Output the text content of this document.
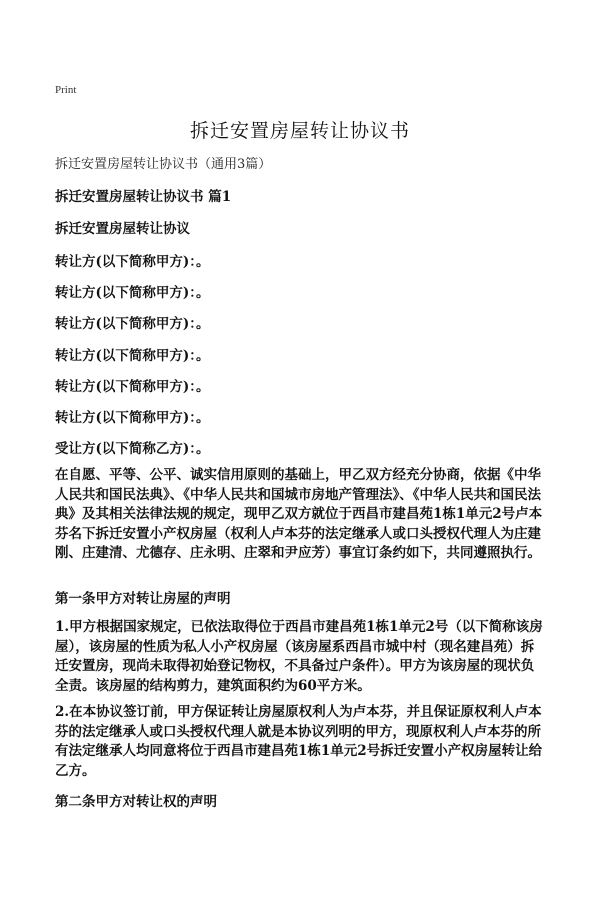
Print
拆迁安置房屋转让协议书
拆迁安置房屋转让协议书（通用3篇）
拆迁安置房屋转让协议书 篇1
拆迁安置房屋转让协议
转让方(以下简称甲方)：。
转让方(以下简称甲方)：。
转让方(以下简称甲方)：。
转让方(以下简称甲方)：。
转让方(以下简称甲方)：。
转让方(以下简称甲方)：。
受让方(以下简称乙方)：。
在自愿、平等、公平、诚实信用原则的基础上，甲乙双方经充分协商，依据《中华人民共和国民法典》、《中华人民共和国城市房地产管理法》、《中华人民共和国民法典》及其相关法律法规的规定，现甲乙双方就位于西昌市建昌苑1栋1单元2号卢本芬名下拆迁安置小产权房屋（权利人卢本芬的法定继承人或口头授权代理人为庄建刚、庄建清、尤德存、庄永明、庄翠和尹应芳）事宜订条约如下，共同遵照执行。
第一条甲方对转让房屋的声明
1.甲方根据国家规定，已依法取得位于西昌市建昌苑1栋1单元2号（以下简称该房屋），该房屋的性质为私人小产权房屋（该房屋系西昌市城中村（现名建昌苑）拆迁安置房，现尚未取得初始登记物权，不具备过户条件）。甲方为该房屋的现状负全责。该房屋的结构剪力，建筑面积约为60平方米。
2.在本协议签订前，甲方保证转让房屋原权利人为卢本芬，并且保证原权利人卢本芬的法定继承人或口头授权代理人就是本协议列明的甲方，现原权利人卢本芬的所有法定继承人均同意将位于西昌市建昌苑1栋1单元2号拆迁安置小产权房屋转让给乙方。
第二条甲方对转让权的声明
